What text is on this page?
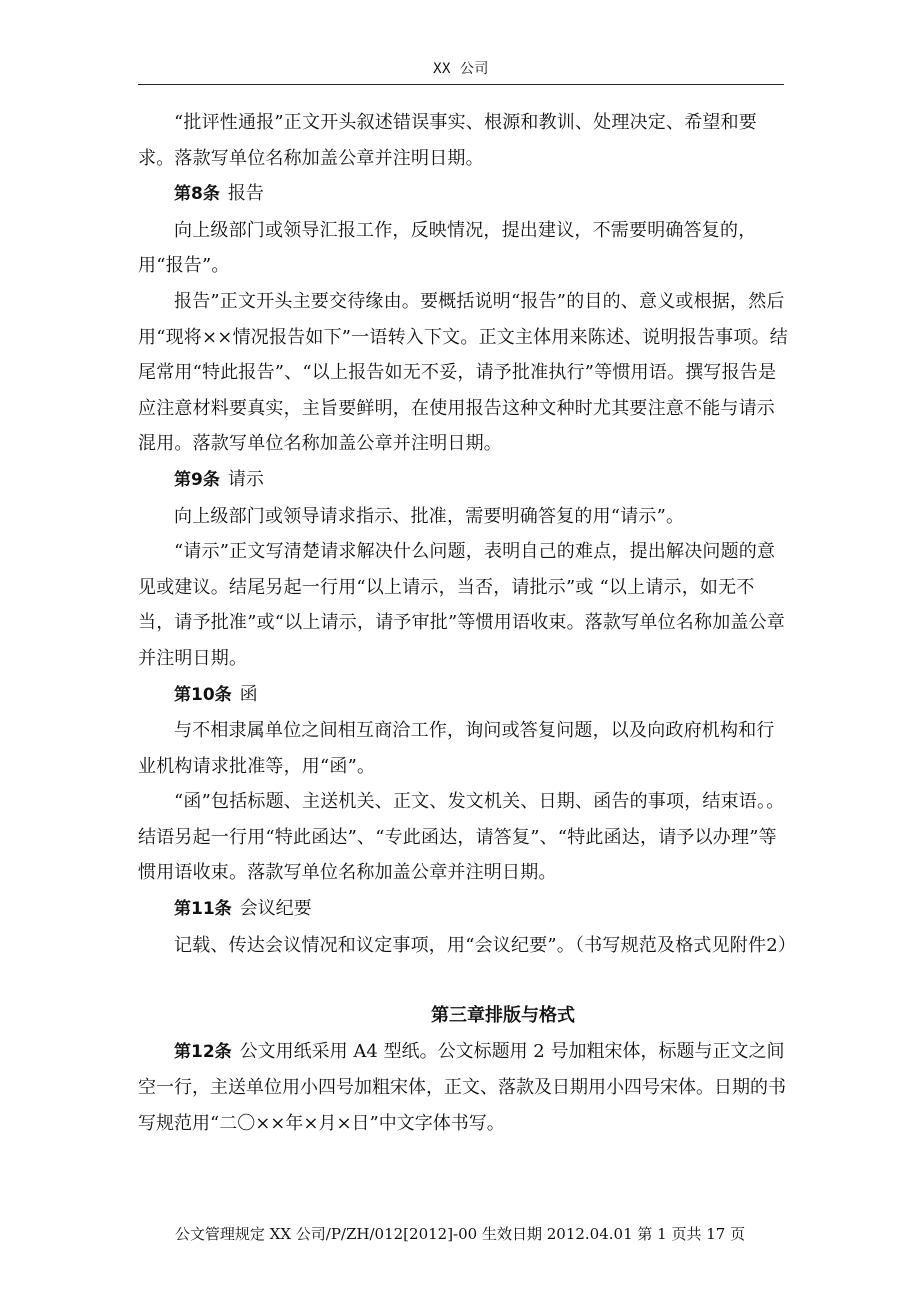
XX 公司

“批评性通报”正文开头叙述错误事实、根源和教训、处理决定、希望和要求。落款写单位名称加盖公章并注明日期。

第8条 报告

向上级部门或领导汇报工作，反映情况，提出建议，不需要明确答复的，用“报告”。

报告”正文开头主要交待缘由。要概括说明“报告”的目的、意义或根据，然后用“现将××情况报告如下”一语转入下文。正文主体用来陈述、说明报告事项。结尾常用“特此报告”、“以上报告如无不妥，请予批准执行”等惯用语。撰写报告是应注意材料要真实，主旨要鲜明，在使用报告这种文种时尤其要注意不能与请示混用。落款写单位名称加盖公章并注明日期。

第9条 请示

向上级部门或领导请求指示、批准，需要明确答复的用“请示”。

“请示”正文写清楚请求解决什么问题，表明自己的难点，提出解决问题的意见或建议。结尾另起一行用“以上请示，当否，请批示”或 “以上请示，如无不当，请予批准”或“以上请示，请予审批”等惯用语收束。落款写单位名称加盖公章并注明日期。

第10条 函

与不相隶属单位之间相互商洽工作，询问或答复问题，以及向政府机构和行业机构请求批准等，用“函”。

“函”包括标题、主送机关、正文、发文机关、日期、函告的事项，结束语。。结语另起一行用“特此函达”、“专此函达，请答复”、“特此函达，请予以办理”等惯用语收束。落款写单位名称加盖公章并注明日期。

第11条 会议纪要

记载、传达会议情况和议定事项，用“会议纪要”。（书写规范及格式见附件2）

第三章排版与格式

第12条 公文用纸采用 A4 型纸。公文标题用 2 号加粗宋体，标题与正文之间空一行，主送单位用小四号加粗宋体，正文、落款及日期用小四号宋体。日期的书写规范用“二〇××年×月×日”中文字体书写。

公文管理规定 XX 公司/P/ZH/012[2012]-00 生效日期 2012.04.01 第 1 页共 17 页
